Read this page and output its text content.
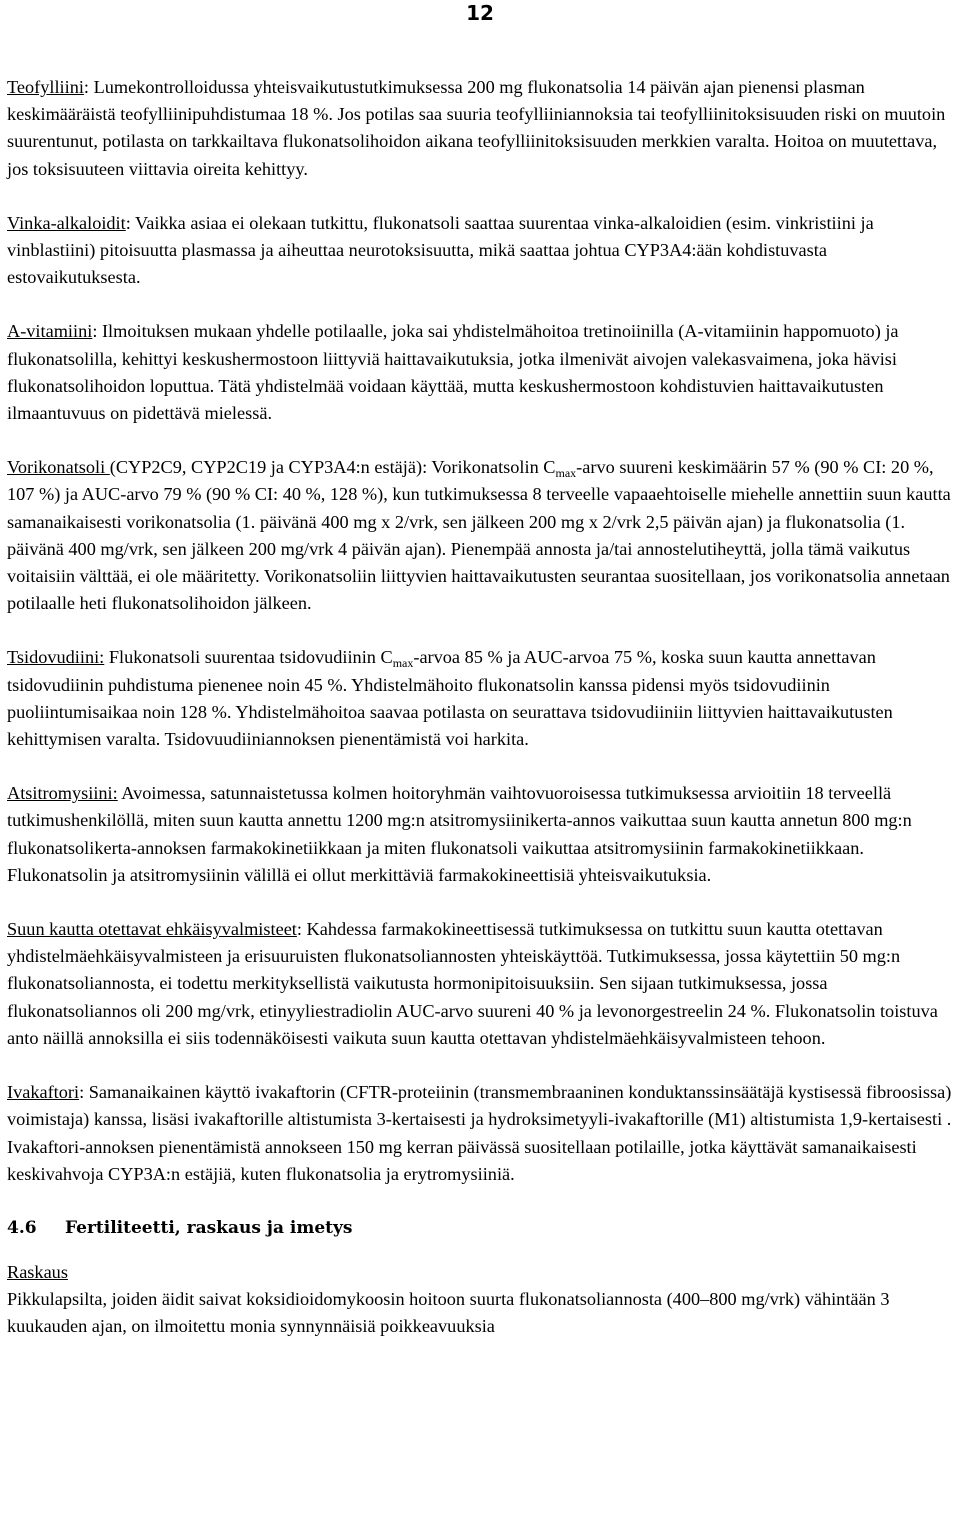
12

Teofylliini: Lumekontrolloidussa yhteisvaikutustutkimuksessa 200 mg flukonatsolia 14 päivän ajan pienensi plasman keskimääräistä teofylliinipuhdistumaa 18 %. Jos potilas saa suuria teofylliiniannoksia tai teofylliinitoksisuuden riski on muutoin suurentunut, potilasta on tarkkailtava flukonatsolihoidon aikana teofylliinitoksisuuden merkkien varalta. Hoitoa on muutettava, jos toksisuuteen viittavia oireita kehittyy.

Vinka-alkaloidit: Vaikka asiaa ei olekaan tutkittu, flukonatsoli saattaa suurentaa vinka-alkaloidien (esim. vinkristiini ja vinblastiini) pitoisuutta plasmassa ja aiheuttaa neurotoksisuutta, mikä saattaa johtua CYP3A4:ään kohdistuvasta estovaikutuksesta.

A-vitamiini: Ilmoituksen mukaan yhdelle potilaalle, joka sai yhdistelmähoitoa tretinoiinilla (A-vitamiinin happomuoto) ja flukonatsolilla, kehittyi keskushermostoon liittyviä haittavaikutuksia, jotka ilmenivät aivojen valekasvaimena, joka hävisi flukonatsolihoidon loputtua. Tätä yhdistelmää voidaan käyttää, mutta keskushermostoon kohdistuvien haittavaikutusten ilmaantuvuus on pidettävä mielessä.

Vorikonatsoli (CYP2C9, CYP2C19 ja CYP3A4:n estäjä): Vorikonatsolin $C_{max}$-arvo suureni keskimäärin 57 % (90 % CI: 20 %, 107 %) ja AUC-arvo 79 % (90 % CI: 40 %, 128 %), kun tutkimuksessa 8 terveelle vapaaehtoiselle miehelle annettiin suun kautta samanaikaisesti vorikonatsolia (1. päivänä 400 mg x 2/vrk, sen jälkeen 200 mg x 2/vrk 2,5 päivän ajan) ja flukonatsolia (1. päivänä 400 mg/vrk, sen jälkeen 200 mg/vrk 4 päivän ajan). Pienempää annosta ja/tai annostelutiheyttä, jolla tämä vaikutus voitaisiin välttää, ei ole määritetty. Vorikonatsoliin liittyvien haittavaikutusten seurantaa suositellaan, jos vorikonatsolia annetaan potilaalle heti flukonatsolihoidon jälkeen.

Tsidovudiini: Flukonatsoli suurentaa tsidovudiinin $C_{max}$-arvoa 85 % ja AUC-arvoa 75 %, koska suun kautta annettavan tsidovudiinin puhdistuma pienenee noin 45 %. Yhdistelmähoito flukonatsolin kanssa pidensi myös tsidovudiinin puoliintumisaikaa noin 128 %. Yhdistelmähoitoa saavaa potilasta on seurattava tsidovudiiniin liittyvien haittavaikutusten kehittymisen varalta. Tsidovuudiiniannoksen pienentämistä voi harkita.

Atsitromysiini: Avoimessa, satunnaistetussa kolmen hoitoryhmän vaihtovuoroisessa tutkimuksessa arvioitiin 18 terveellä tutkimushenkilöllä, miten suun kautta annettu 1200 mg:n atsitromysiinikerta-annos vaikuttaa suun kautta annetun 800 mg:n flukonatsolikerta-annoksen farmakokinetiikkaan ja miten flukonatsoli vaikuttaa atsitromysiinin farmakokinetiikkaan. Flukonatsolin ja atsitromysiinin välillä ei ollut merkittäviä farmakokineettisiä yhteisvaikutuksia.

Suun kautta otettavat ehkäisyvalmisteet: Kahdessa farmakokineettisessä tutkimuksessa on tutkittu suun kautta otettavan yhdistelmäehkäisyvalmisteen ja erisuuruisten flukonatsoliannosten yhteiskäyttöä. Tutkimuksessa, jossa käytettiin 50 mg:n flukonatsoliannosta, ei todettu merkityksellistä vaikutusta hormonipitoisuuksiin. Sen sijaan tutkimuksessa, jossa flukonatsoliannos oli 200 mg/vrk, etinyyliestradiolin AUC-arvo suureni 40 % ja levonorgestreelin 24 %. Flukonatsolin toistuva anto näillä annoksilla ei siis todennäköisesti vaikuta suun kautta otettavan yhdistelmäehkäisyvalmisteen tehoon.

Ivakaftori: Samanaikainen käyttö ivakaftorin (CFTR-proteiinin (transmembraaninen konduktanssinsäätäjä kystisessä fibroosissa) voimistaja) kanssa, lisäsi ivakaftorille altistumista 3-kertaisesti ja hydroksimetyyli-ivakaftorille (M1) altistumista 1,9-kertaisesti . Ivakaftori-annoksen pienentämistä annokseen 150 mg kerran päivässä suositellaan potilaille, jotka käyttävät samanaikaisesti keskivahvoja CYP3A:n estäjiä, kuten flukonatsolia ja erytromysiiniä.

4.6 Fertiliteetti, raskaus ja imetys

Raskaus

Pikkulapsilta, joiden äidit saivat koksidioidomykoosin hoitoon suurta flukonatsoliannosta (400–800 mg/vrk) vähintään 3 kuukauden ajan, on ilmoitettu monia synnynnäisiä poikkeavuuksia
